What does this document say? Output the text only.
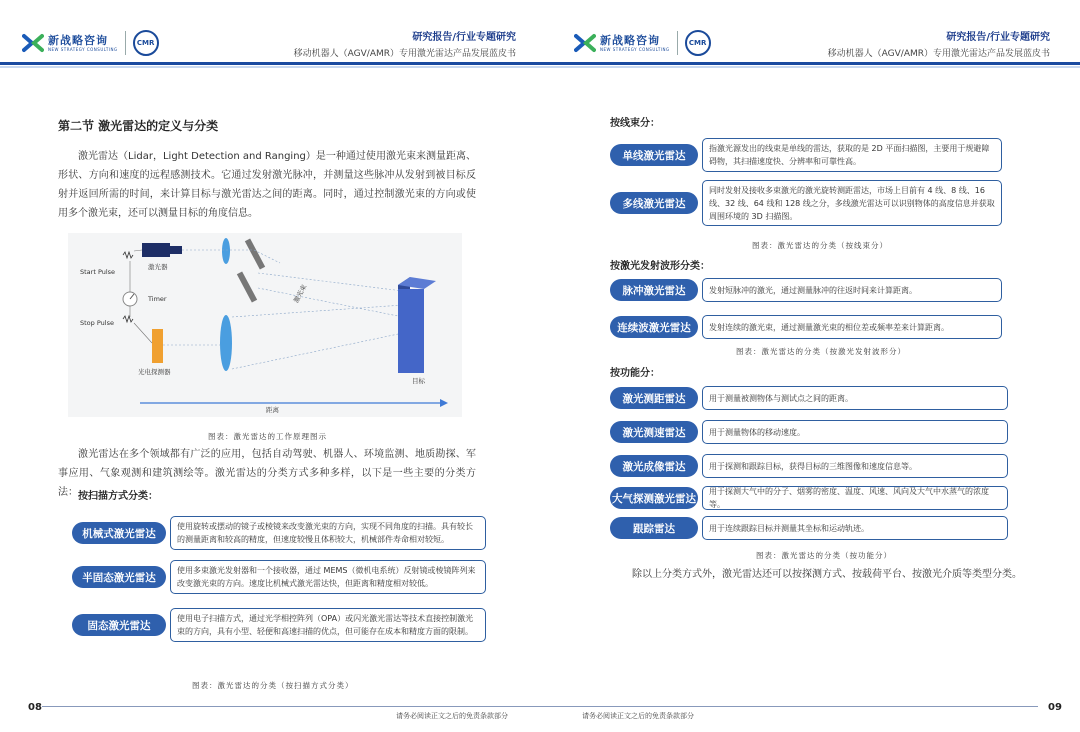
新战略咨询
NEW STRATEGY CONSULTING
CMR	研究报告/行业专题研究
移动机器人（AGV/AMR）专用激光雷达产品发展蓝皮书
第二节 激光雷达的定义与分类
激光雷达（Lidar，Light Detection and Ranging）是一种通过使用激光束来测量距离、形状、方向和速度的远程感测技术。它通过发射激光脉冲，并测量这些脉冲从发射到被目标反射并返回所需的时间，来计算目标与激光雷达之间的距离。同时，通过控制激光束的方向或使用多个激光束，还可以测量目标的角度信息。
Start Pulse
Stop Pulse
激光器
Timer
光电探测器
激光束
目标
距离
图表：激光雷达的工作原理图示
激光雷达在多个领域都有广泛的应用，包括自动驾驶、机器人、环境监测、地质勘探、军事应用、气象观测和建筑测绘等。激光雷达的分类方式多种多样，以下是一些主要的分类方法： 按扫描方式分类：
机械式激光雷达
使用旋转或摆动的镜子或棱镜来改变激光束的方向，实现不同角度的扫描。具有较长的测量距离和较高的精度，但速度较慢且体积较大，机械部件寿命相对较短。
半固态激光雷达
使用多束激光发射器和一个接收器，通过 MEMS（微机电系统）反射镜或棱镜阵列来改变激光束的方向。速度比机械式激光雷达快，但距离和精度相对较低。
固态激光雷达
使用电子扫描方式，通过光学相控阵列（OPA）或闪光激光雷达等技术直接控制激光束的方向，具有小型、轻便和高速扫描的优点，但可能存在成本和精度方面的限制。
图表：激光雷达的分类（按扫描方式分类）
08
请务必阅读正文之后的免责条款部分
新战略咨询
NEW STRATEGY CONSULTING
CMR	研究报告/行业专题研究
移动机器人（AGV/AMR）专用激光雷达产品发展蓝皮书
按线束分：
单线激光雷达
指激光源发出的线束是单线的雷达，获取的是 2D 平面扫描图，主要用于规避障碍物，其扫描速度快、分辨率和可靠性高。
多线激光雷达
同时发射及接收多束激光的激光旋转测距雷达，市场上目前有 4 线、8 线、16 线、32 线、64 线和 128 线之分，多线激光雷达可以识别物体的高度信息并获取周围环境的 3D 扫描图。
图表：激光雷达的分类（按线束分）
按激光发射波形分类：
脉冲激光雷达	发射短脉冲的激光，通过测量脉冲的往返时间来计算距离。
连续波激光雷达	发射连续的激光束，通过测量激光束的相位差或频率差来计算距离。
图表：激光雷达的分类（按激光发射波形分）
按功能分：
激光测距雷达	用于测量被测物体与测试点之间的距离。
激光测速雷达	用于测量物体的移动速度。
激光成像雷达	用于探测和跟踪目标，获得目标的三维图像和速度信息等。
大气探测激光雷达
用于探测大气中的分子、烟雾的密度、温度、风速、风向及大气中水蒸气的浓度等。
跟踪雷达	用于连续跟踪目标并测量其坐标和运动轨迹。
图表：激光雷达的分类（按功能分）
除以上分类方式外，激光雷达还可以按探测方式、按载荷平台、按激光介质等类型分类。
09
请务必阅读正文之后的免责条款部分
